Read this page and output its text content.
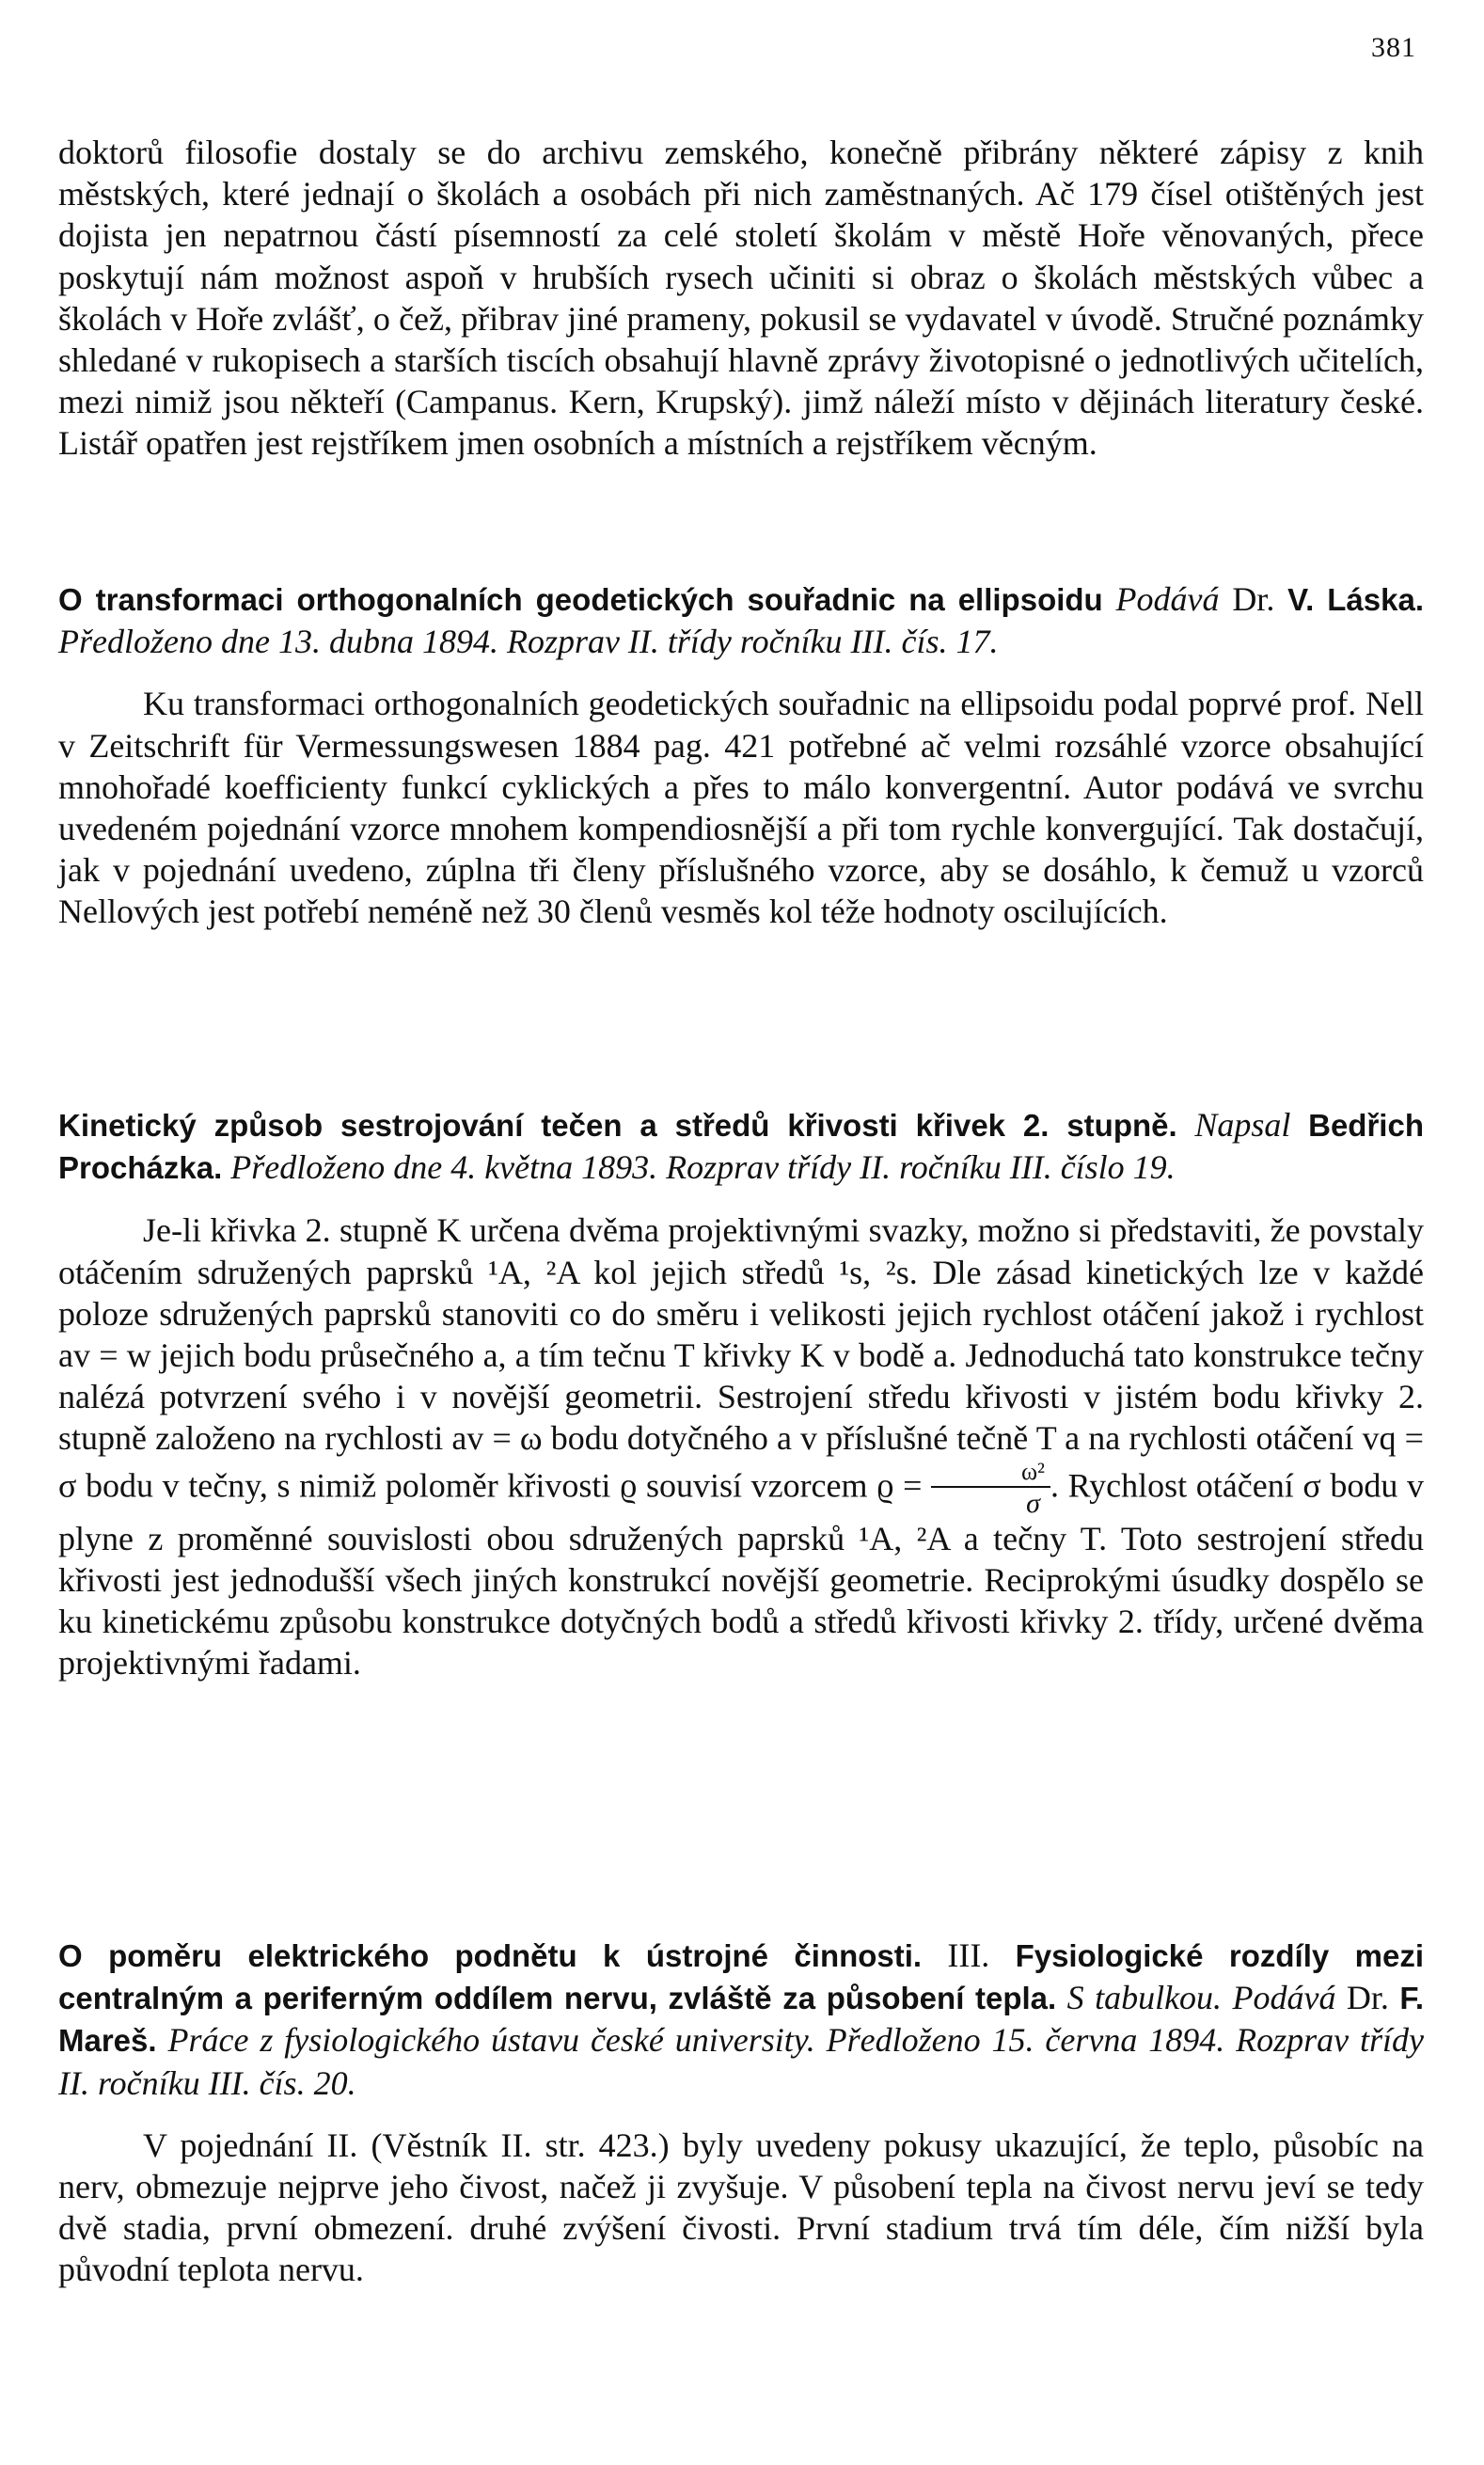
381

doktorů filosofie dostaly se do archivu zemského, konečně přibrány některé zápisy z knih městských, které jednají o školách a osobách při nich zaměstnaných. Ač 179 čísel otištěných jest dojista jen nepatrnou částí písemností za celé století školám v městě Hoře věnovaných, přece poskytují nám možnost aspoň v hrubších rysech učiniti si obraz o školách městských vůbec a školách v Hoře zvlášť, o čež, přibrav jiné prameny, pokusil se vydavatel v úvodě. Stručné poznámky shledané v rukopisech a starších tiscích obsahují hlavně zprávy životopisné o jednotlivých učitelích, mezi nimiž jsou někteří (Campanus. Kern, Krupský). jimž náleží místo v dějinách literatury české. Listář opatřen jest rejstříkem jmen osobních a místních a rejstříkem věcným.

O transformaci orthogonalních geodetických souřadnic na ellipsoidu Podává Dr. V. Láska. Předloženo dne 13. dubna 1894. Rozprav II. třídy ročníku III. čís. 17.

Ku transformaci orthogonalních geodetických souřadnic na ellipsoidu podal poprvé prof. Nell v Zeitschrift für Vermessungswesen 1884 pag. 421 potřebné ač velmi rozsáhlé vzorce obsahující mnohořadé koefficienty funkcí cyklických a přes to málo konvergentní. Autor podává ve svrchu uvedeném pojednání vzorce mnohem kompendiosnější a při tom rychle konvergující. Tak dostačují, jak v pojednání uvedeno, zúplna tři členy příslušného vzorce, aby se dosáhlo, k čemuž u vzorců Nellových jest potřebí neméně než 30 členů vesměs kol téže hodnoty oscilujících.

Kinetický způsob sestrojování tečen a středů křivosti křivek 2. stupně. Napsal Bedřich Procházka. Předloženo dne 4. května 1893. Rozprav třídy II. ročníku III. číslo 19.

Je-li křivka 2. stupně K určena dvěma projektivnými svazky, možno si představiti, že povstaly otáčením sdružených paprsků ¹A, ²A kol jejich středů ¹s, ²s. Dle zásad kinetických lze v každé poloze sdružených paprsků stanoviti co do směru i velikosti jejich rychlost otáčení jakož i rychlost av = w jejich bodu průsečného a, a tím tečnu T křivky K v bodě a. Jednoduchá tato konstrukce tečny nalézá potvrzení svého i v novější geometrii. Sestrojení středu křivosti v jistém bodu křivky 2. stupně založeno na rychlosti av = ω bodu dotyčného a v příslušné tečně T a na rychlosti otáčení vq = σ bodu v tečny, s nimiž poloměr křivosti ϱ souvisí vzorcem $ϱ = \frac{\text{ω²}}{\sigma}$ . Rychlost otáčení σ bodu v plyne z proměnné souvislosti obou sdružených paprsků ¹A, ²A a tečny T. Toto sestrojení středu křivosti jest jednodušší všech jiných konstrukcí novější geometrie. Reciprokými úsudky dospělo se ku kinetickému způsobu konstrukce dotyčných bodů a středů křivosti křivky 2. třídy, určené dvěma projektivnými řadami.

O poměru elektrického podnětu k ústrojné činnosti. III. Fysiologické rozdíly mezi centralným a periferným oddílem nervu, zvláště za působení tepla. S tabulkou. Podává Dr. F. Mareš. Práce z fysiologického ústavu české university. Předloženo 15. června 1894. Rozprav třídy II. ročníku III. čís. 20.

V pojednání II. (Věstník II. str. 423.) byly uvedeny pokusy ukazující, že teplo, působíc na nerv, obmezuje nejprve jeho čivost, načež ji zvyšuje. V působení tepla na čivost nervu jeví se tedy dvě stadia, první obmezení. druhé zvýšení čivosti. První stadium trvá tím déle, čím nižší byla původní teplota nervu.
